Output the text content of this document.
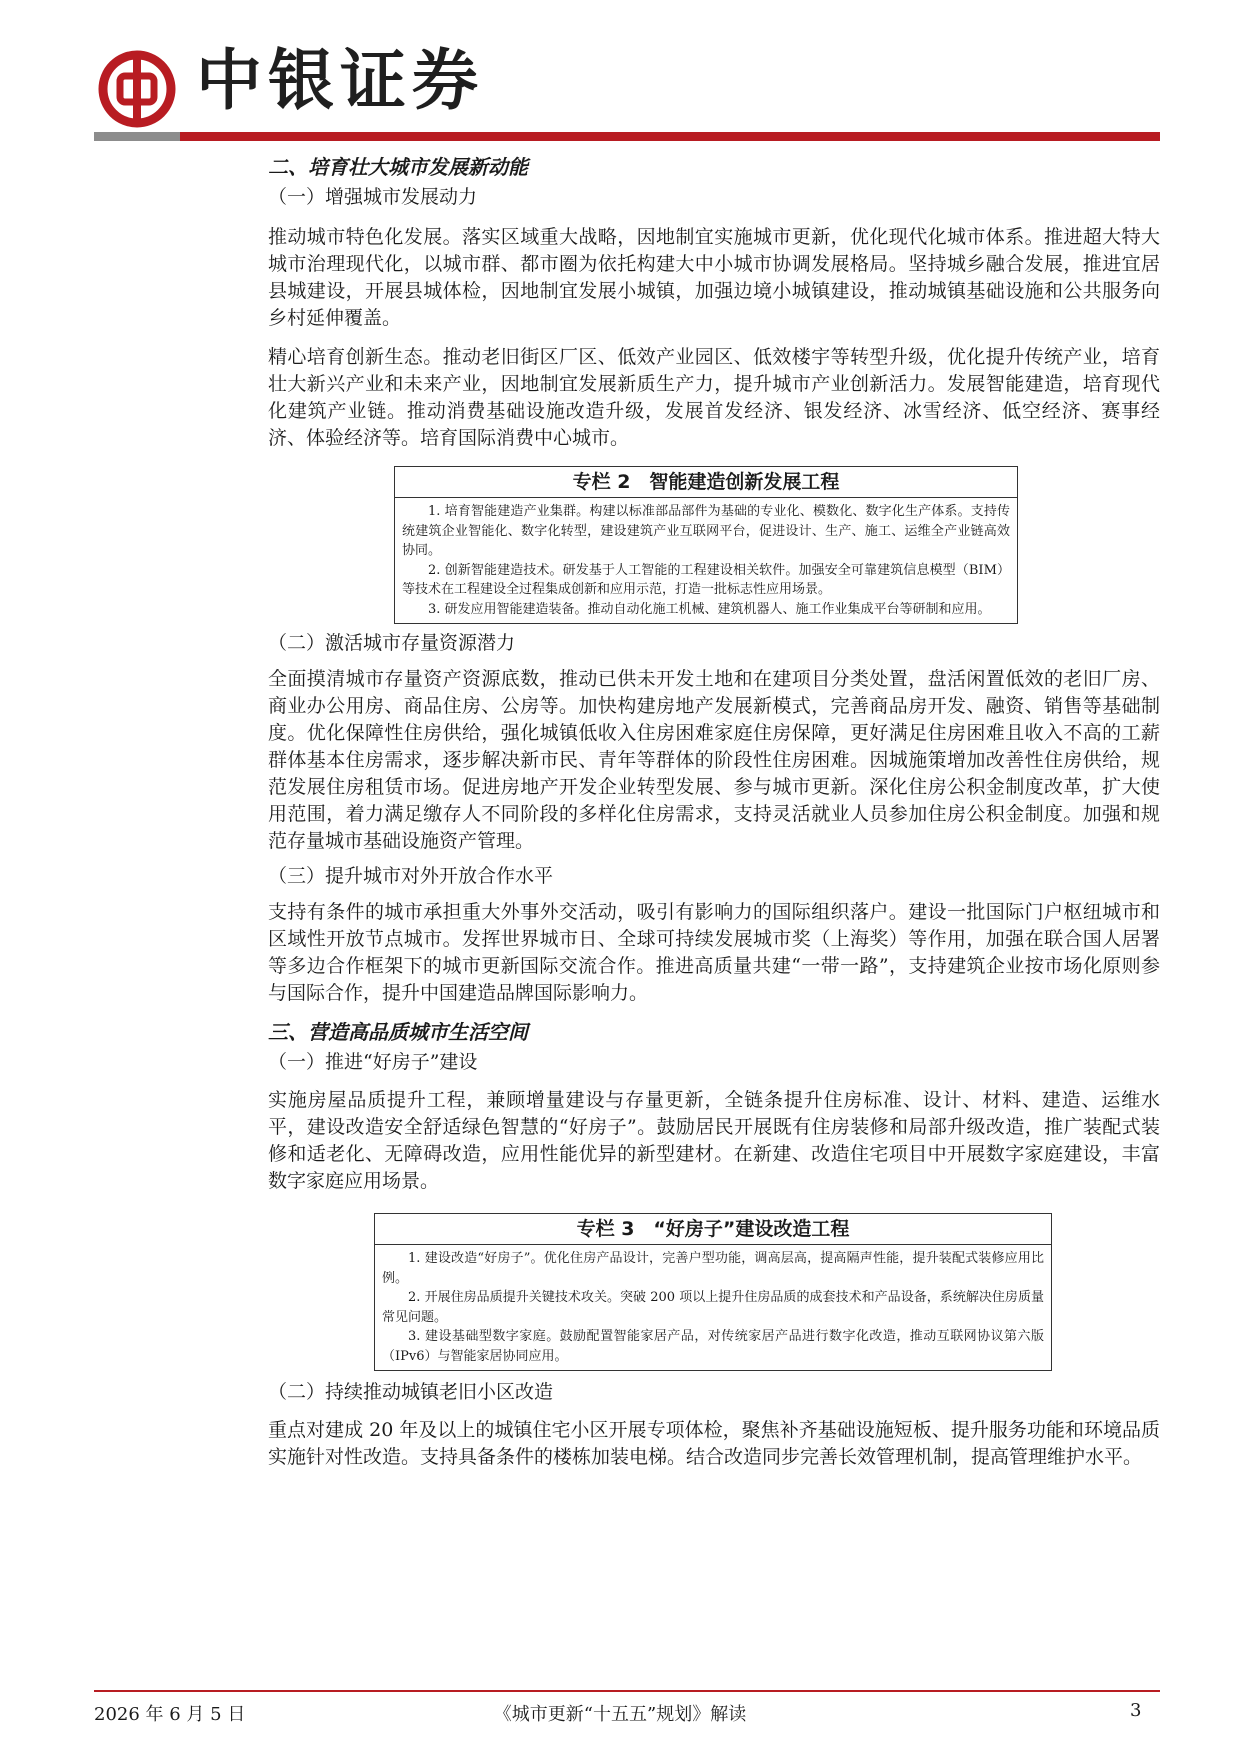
中银证券
二、培育壮大城市发展新动能
（一）增强城市发展动力

推动城市特色化发展。落实区域重大战略，因地制宜实施城市更新，优化现代化城市体系。推进超大特大城市治理现代化，以城市群、都市圈为依托构建大中小城市协调发展格局。坚持城乡融合发展，推进宜居县城建设，开展县城体检，因地制宜发展小城镇，加强边境小城镇建设，推动城镇基础设施和公共服务向乡村延伸覆盖。

精心培育创新生态。推动老旧街区厂区、低效产业园区、低效楼宇等转型升级，优化提升传统产业，培育壮大新兴产业和未来产业，因地制宜发展新质生产力，提升城市产业创新活力。发展智能建造，培育现代化建筑产业链。推动消费基础设施改造升级，发展首发经济、银发经济、冰雪经济、低空经济、赛事经济、体验经济等。培育国际消费中心城市。

专栏 2　智能建造创新发展工程

1. 培育智能建造产业集群。构建以标准部品部件为基础的专业化、模数化、数字化生产体系。支持传统建筑企业智能化、数字化转型，建设建筑产业互联网平台，促进设计、生产、施工、运维全产业链高效协同。

2. 创新智能建造技术。研发基于人工智能的工程建设相关软件。加强安全可靠建筑信息模型（BIM）等技术在工程建设全过程集成创新和应用示范，打造一批标志性应用场景。

3. 研发应用智能建造装备。推动自动化施工机械、建筑机器人、施工作业集成平台等研制和应用。

（二）激活城市存量资源潜力

全面摸清城市存量资产资源底数，推动已供未开发土地和在建项目分类处置，盘活闲置低效的老旧厂房、商业办公用房、商品住房、公房等。加快构建房地产发展新模式，完善商品房开发、融资、销售等基础制度。优化保障性住房供给，强化城镇低收入住房困难家庭住房保障，更好满足住房困难且收入不高的工薪群体基本住房需求，逐步解决新市民、青年等群体的阶段性住房困难。因城施策增加改善性住房供给，规范发展住房租赁市场。促进房地产开发企业转型发展、参与城市更新。深化住房公积金制度改革，扩大使用范围，着力满足缴存人不同阶段的多样化住房需求，支持灵活就业人员参加住房公积金制度。加强和规范存量城市基础设施资产管理。

（三）提升城市对外开放合作水平

支持有条件的城市承担重大外事外交活动，吸引有影响力的国际组织落户。建设一批国际门户枢纽城市和区域性开放节点城市。发挥世界城市日、全球可持续发展城市奖（上海奖）等作用，加强在联合国人居署等多边合作框架下的城市更新国际交流合作。推进高质量共建“一带一路”，支持建筑企业按市场化原则参与国际合作，提升中国建造品牌国际影响力。

三、营造高品质城市生活空间
（一）推进“好房子”建设

实施房屋品质提升工程，兼顾增量建设与存量更新，全链条提升住房标准、设计、材料、建造、运维水平，建设改造安全舒适绿色智慧的“好房子”。鼓励居民开展既有住房装修和局部升级改造，推广装配式装修和适老化、无障碍改造，应用性能优异的新型建材。在新建、改造住宅项目中开展数字家庭建设，丰富数字家庭应用场景。

专栏 3　“好房子”建设改造工程

1. 建设改造“好房子”。优化住房产品设计，完善户型功能，调高层高，提高隔声性能，提升装配式装修应用比例。

2. 开展住房品质提升关键技术攻关。突破 200 项以上提升住房品质的成套技术和产品设备，系统解决住房质量常见问题。

3. 建设基础型数字家庭。鼓励配置智能家居产品，对传统家居产品进行数字化改造，推动互联网协议第六版（IPv6）与智能家居协同应用。

（二）持续推动城镇老旧小区改造

重点对建成 20 年及以上的城镇住宅小区开展专项体检，聚焦补齐基础设施短板、提升服务功能和环境品质实施针对性改造。支持具备条件的楼栋加装电梯。结合改造同步完善长效管理机制，提高管理维护水平。

2026 年 6 月 5 日	《城市更新“十五五”规划》解读	3
